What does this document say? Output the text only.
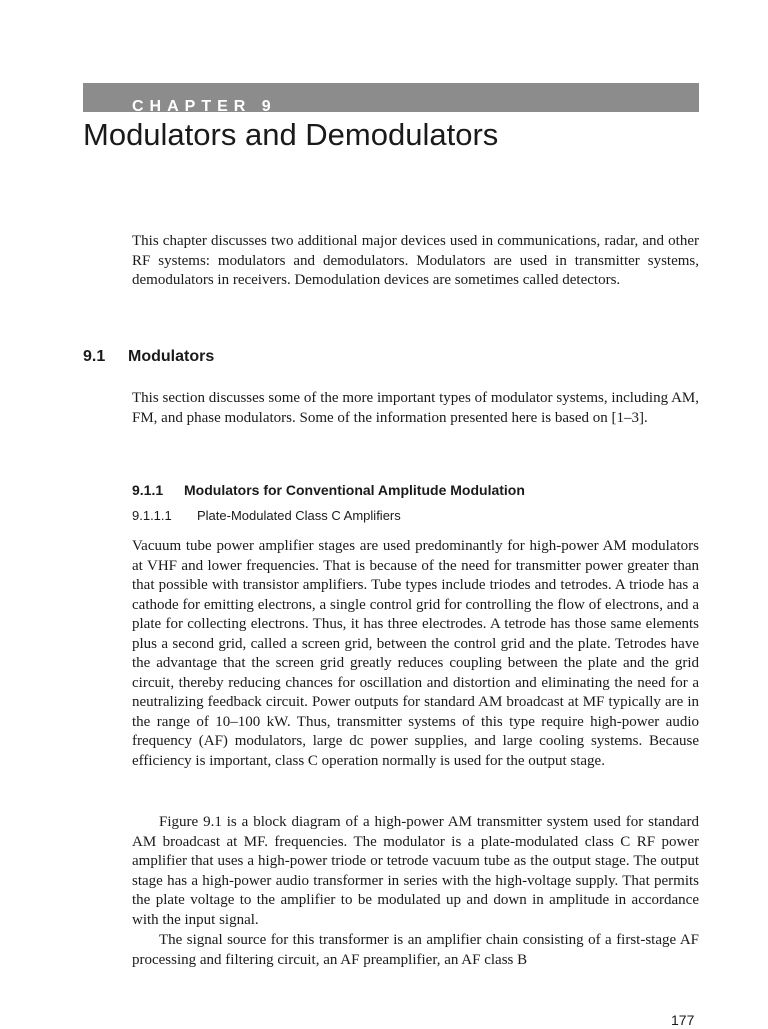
CHAPTER 9
Modulators and Demodulators

This chapter discusses two additional major devices used in communications, radar, and other RF systems: modulators and demodulators. Modulators are used in transmitter systems, demodulators in receivers. Demodulation devices are sometimes called detectors.

9.1 Modulators

This section discusses some of the more important types of modulator systems, including AM, FM, and phase modulators. Some of the information presented here is based on [1–3].

9.1.1 Modulators for Conventional Amplitude Modulation
9.1.1.1 Plate-Modulated Class C Amplifiers

Vacuum tube power amplifier stages are used predominantly for high-power AM modulators at VHF and lower frequencies. That is because of the need for transmitter power greater than that possible with transistor amplifiers. Tube types include triodes and tetrodes. A triode has a cathode for emitting electrons, a single control grid for controlling the flow of electrons, and a plate for collecting electrons. Thus, it has three electrodes. A tetrode has those same elements plus a second grid, called a screen grid, between the control grid and the plate. Tetrodes have the advantage that the screen grid greatly reduces coupling between the plate and the grid circuit, thereby reducing chances for oscillation and distortion and eliminating the need for a neutralizing feedback circuit. Power outputs for standard AM broadcast at MF typically are in the range of 10–100 kW. Thus, transmitter systems of this type require high-power audio frequency (AF) modulators, large dc power supplies, and large cooling systems. Because efficiency is important, class C operation normally is used for the output stage.

Figure 9.1 is a block diagram of a high-power AM transmitter system used for standard AM broadcast at MF. frequencies. The modulator is a plate-modulated class C RF power amplifier that uses a high-power triode or tetrode vacuum tube as the output stage. The output stage has a high-power audio transformer in series with the high-voltage supply. That permits the plate voltage to the amplifier to be modulated up and down in amplitude in accordance with the input signal.

The signal source for this transformer is an amplifier chain consisting of a first-stage AF processing and filtering circuit, an AF preamplifier, an AF class B

177
